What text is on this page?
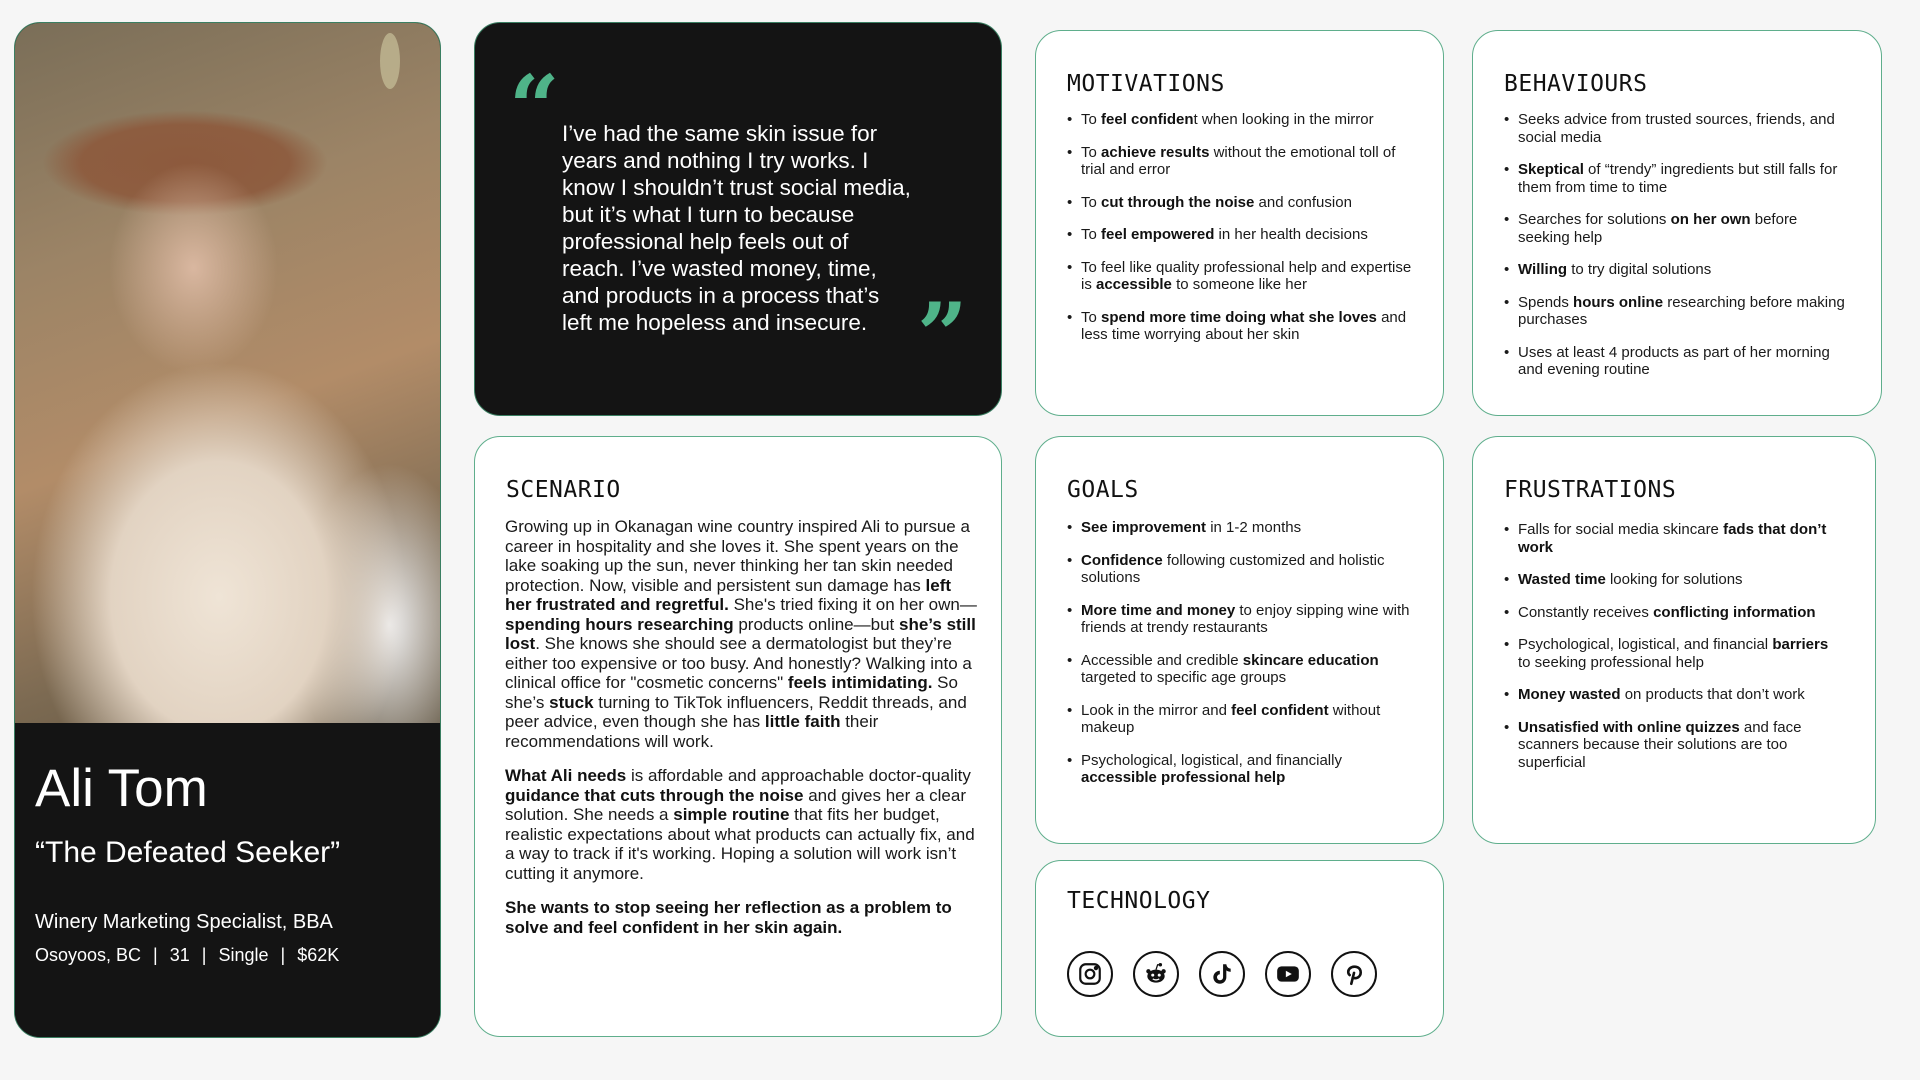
Ali Tom
“The Defeated Seeker”
Winery Marketing Specialist, BBA
Osoyoos, BC | 31 | Single | $62K
“ I’ve had the same skin issue for years and nothing I try works. I know I shouldn’t trust social media, but it’s what I turn to because professional help feels out of reach. I’ve wasted money, time, and products in a process that’s left me hopeless and insecure. ”
MOTIVATIONS
• To feel confident when looking in the mirror
• To achieve results without the emotional toll of trial and error
• To cut through the noise and confusion
• To feel empowered in her health decisions
• To feel like quality professional help and expertise is accessible to someone like her
• To spend more time doing what she loves and less time worrying about her skin
BEHAVIOURS
• Seeks advice from trusted sources, friends, and social media
• Skeptical of “trendy” ingredients but still falls for them from time to time
• Searches for solutions on her own before seeking help
• Willing to try digital solutions
• Spends hours online researching before making purchases
• Uses at least 4 products as part of her morning and evening routine
SCENARIO

Growing up in Okanagan wine country inspired Ali to pursue a career in hospitality and she loves it. She spent years on the lake soaking up the sun, never thinking her tan skin needed protection. Now, visible and persistent sun damage has left her frustrated and regretful. She's tried fixing it on her own—spending hours researching products online—but she’s still lost. She knows she should see a dermatologist but they’re either too expensive or too busy. And honestly? Walking into a clinical office for "cosmetic concerns" feels intimidating. So she’s stuck turning to TikTok influencers, Reddit threads, and peer advice, even though she has little faith their recommendations will work.

What Ali needs is affordable and approachable doctor-quality guidance that cuts through the noise and gives her a clear solution. She needs a simple routine that fits her budget, realistic expectations about what products can actually fix, and a way to track if it's working. Hoping a solution will work isn’t cutting it anymore.

She wants to stop seeing her reflection as a problem to solve and feel confident in her skin again.

GOALS
• See improvement in 1-2 months
• Confidence following customized and holistic solutions
• More time and money to enjoy sipping wine with friends at trendy restaurants
• Accessible and credible skincare education targeted to specific age groups
• Look in the mirror and feel confident without makeup
• Psychological, logistical, and financially accessible professional help
FRUSTRATIONS
• Falls for social media skincare fads that don’t work
• Wasted time looking for solutions
• Constantly receives conflicting information
• Psychological, logistical, and financial barriers to seeking professional help
• Money wasted on products that don’t work
• Unsatisfied with online quizzes and face scanners because their solutions are too superficial
TECHNOLOGY
